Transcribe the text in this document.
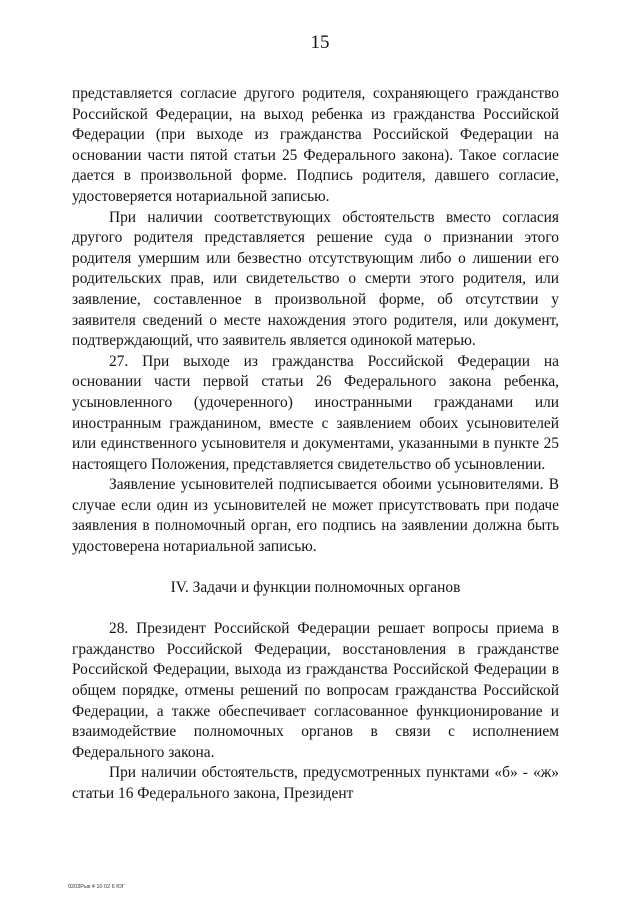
15

представляется согласие другого родителя, сохраняющего гражданство Российской Федерации, на выход ребенка из гражданства Российской Федерации (при выходе из гражданства Российской Федерации на основании части пятой статьи 25 Федерального закона). Такое согласие дается в произвольной форме. Подпись родителя, давшего согласие, удостоверяется нотариальной записью.

При наличии соответствующих обстоятельств вместо согласия другого родителя представляется решение суда о признании этого родителя умершим или безвестно отсутствующим либо о лишении его родительских прав, или свидетельство о смерти этого родителя, или заявление, составленное в произвольной форме, об отсутствии у заявителя сведений о месте нахождения этого родителя, или документ, подтверждающий, что заявитель является одинокой матерью.

27. При выходе из гражданства Российской Федерации на основании части первой статьи 26 Федерального закона ребенка, усыновленного (удочеренного) иностранными гражданами или иностранным гражданином, вместе с заявлением обоих усыновителей или единственного усыновителя и документами, указанными в пункте 25 настоящего Положения, представляется свидетельство об усыновлении.

Заявление усыновителей подписывается обоими усыновителями. В случае если один из усыновителей не может присутствовать при подаче заявления в полномочный орган, его подпись на заявлении должна быть удостоверена нотариальной записью.

IV. Задачи и функции полномочных органов

28. Президент Российской Федерации решает вопросы приема в гражданство Российской Федерации, восстановления в гражданстве Российской Федерации, выхода из гражданства Российской Федерации в общем порядке, отмены решений по вопросам гражданства Российской Федерации, а также обеспечивает согласованное функционирование и взаимодействие полномочных органов в связи с исполнением Федерального закона.

При наличии обстоятельств, предусмотренных пунктами «б» - «ж» статьи 16 Федерального закона, Президент

0203Рык 4 10 02 6 ЮГ
